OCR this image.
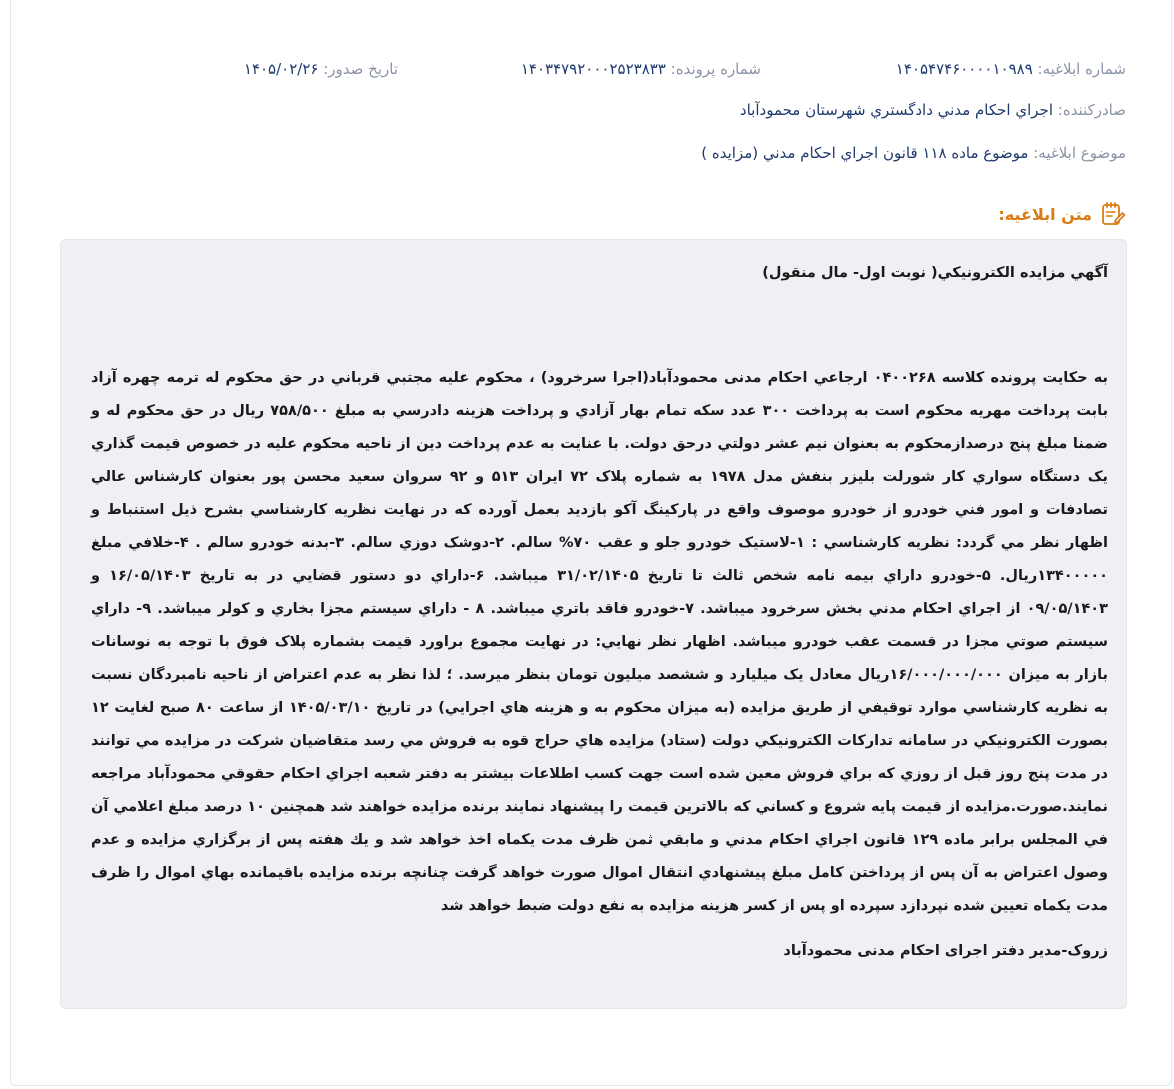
شماره ابلاغیه: ۱۴۰۵۴۷۴۶۰۰۰۰۱۰۹۸۹
شماره پرونده: ۱۴۰۳۴۷۹۲۰۰۰۲۵۲۳۸۳۳
تاریخ صدور: ۱۴۰۵/۰۲/۲۶
صادرکننده: اجراي احكام مدني دادگستري شهرستان محمودآباد
موضوع ابلاغیه: موضوع ماده ۱۱۸ قانون اجراي احكام مدني (مزايده )
متن ابلاغیه:
آگهي مزايده الكترونيكي( نوبت اول- مال منقول)
به حكايت پرونده كلاسه ۰۴۰۰۲۶۸ ارجاعي احكام مدنی محمودآباد(اجرا سرخرود) ، محكوم عليه مجتبي قرباني در حق محكوم له ترمه چهره آزاد بابت پرداخت مهريه محكوم است به پرداخت ۳۰۰ عدد سکه تمام بهار آزادي و پرداخت هزينه دادرسي به مبلغ ۷۵۸/۵۰۰ ريال در حق محكوم له و ضمنا مبلغ پنج درصدازمحكوم به بعنوان نيم عشر دولتي درحق دولت. با عنايت به عدم پرداخت دين از ناحيه محكوم عليه در خصوص قيمت گذاري يک دستگاه سواري كار شورلت بليزر بنفش مدل ۱۹۷۸ به شماره پلاک ۷۲ ايران ۵۱۳ و ۹۲ سروان سعيد محسن پور بعنوان كارشناس عالي تصادفات و امور فني خودرو از خودرو موصوف واقع در پاركينگ آكو بازديد بعمل آورده كه در نهايت نظريه كارشناسي بشرح ذيل استنباط و اظهار نظر مي گردد: نظريه كارشناسي : ۱-لاستيک خودرو جلو و عقب ۷۰% سالم. ۲-دوشک دوزي سالم. ۳-بدنه خودرو سالم . ۴-خلافي مبلغ ۱۳۴۰۰۰۰۰ريال. ۵-خودرو داراي بيمه نامه شخص ثالث تا تاريخ ۳۱/۰۲/۱۴۰۵ ميباشد. ۶-داراي دو دستور قضايي در به تاريخ ۱۶/۰۵/۱۴۰۳ و ۰۹/۰۵/۱۴۰۳ از اجراي احكام مدني بخش سرخرود ميباشد. ۷-خودرو فاقد باتري ميباشد. ۸ - داراي سيستم مجزا بخاري و كولر ميباشد. ۹- داراي سيستم صوتي مجزا در قسمت عقب خودرو ميباشد. اظهار نظر نهايي: در نهايت مجموع براورد قيمت بشماره پلاک فوق با توجه به نوسانات بازار به ميزان ۱۶/۰۰۰/۰۰۰/۰۰۰ريال معادل يک ميليارد و ششصد ميليون تومان بنظر ميرسد. ؛ لذا نظر به عدم اعتراض از ناحيه نامبردگان نسبت به نظريه كارشناسي موارد توقيفي از طريق مزايده (به ميزان محكوم به و هزينه هاي اجرايي) در تاريخ ۱۴۰۵/۰۳/۱۰ از ساعت ۸۰ صبح لغايت ۱۲ بصورت الكترونيكي در سامانه تداركات الكترونيكي دولت (ستاد) مزايده هاي حراج قوه به فروش مي رسد متقاضيان شركت در مزايده مي توانند در مدت پنج روز قبل از روزي كه براي فروش معين شده است جهت كسب اطلاعات بيشتر به دفتر شعبه اجراي احكام حقوقي محمودآباد مراجعه نمايند.صورت.مزايده از قيمت پايه شروع و كساني كه بالاترين قيمت را پيشنهاد نمايند برنده مزايده خواهند شد همچنين ۱۰ درصد مبلغ اعلامي آن في المجلس برابر ماده ۱۲۹ قانون اجراي احكام مدني و مابقي ثمن ظرف مدت يكماه اخذ خواهد شد و يك هفته پس از برگزاري مزايده و عدم وصول اعتراض به آن پس از پرداختن كامل مبلغ پيشنهادي انتقال اموال صورت خواهد گرفت چنانچه برنده مزايده باقيمانده بهاي اموال را ظرف مدت يكماه تعيين شده نپردازد سپرده او پس از كسر هزينه مزايده به نفع دولت ضبط خواهد شد
زروک-مدیر دفتر اجرای احکام مدنی محمودآباد
